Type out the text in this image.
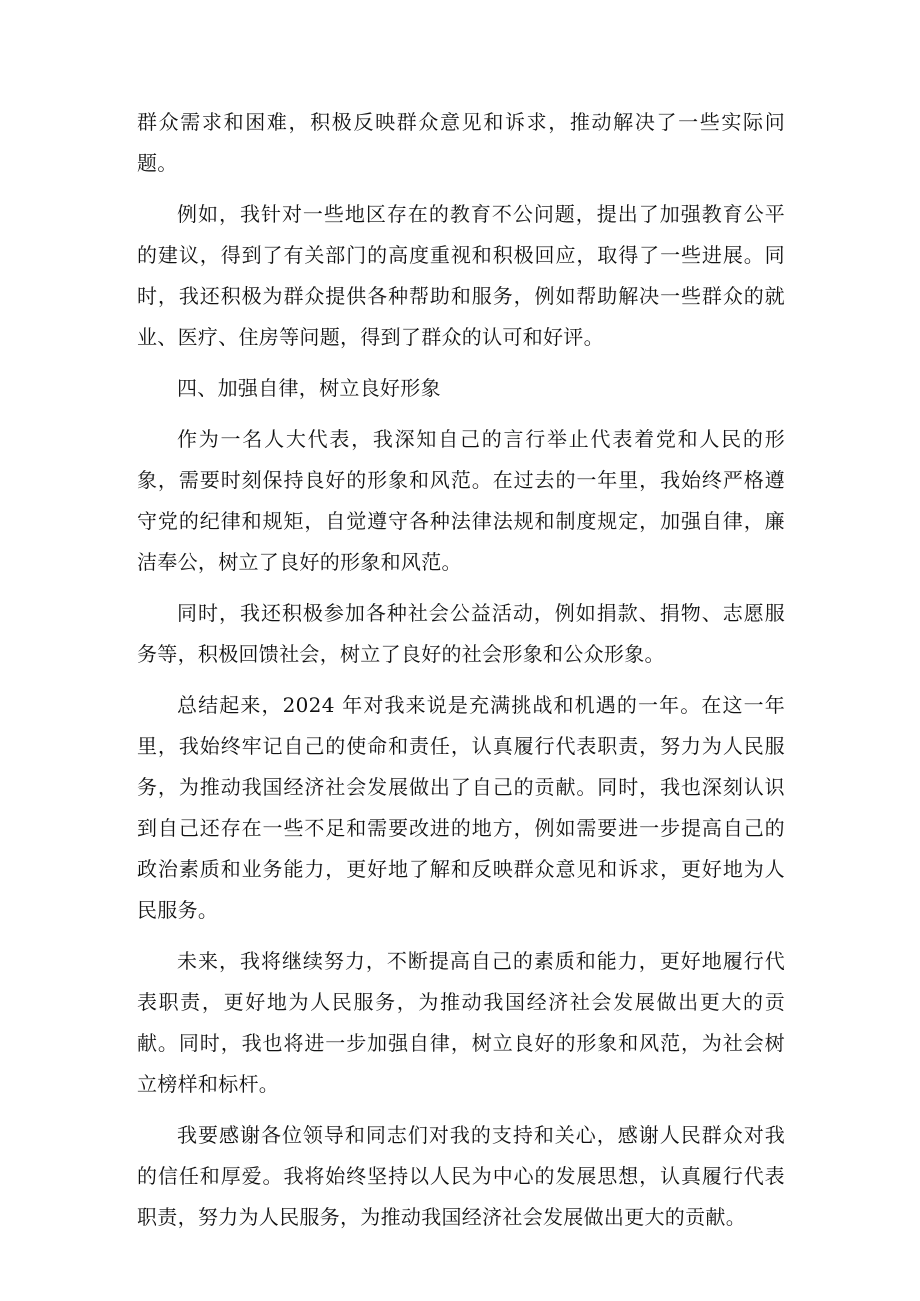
群众需求和困难，积极反映群众意见和诉求，推动解决了一些实际问题。

例如，我针对一些地区存在的教育不公问题，提出了加强教育公平的建议，得到了有关部门的高度重视和积极回应，取得了一些进展。同时，我还积极为群众提供各种帮助和服务，例如帮助解决一些群众的就业、医疗、住房等问题，得到了群众的认可和好评。

四、加强自律，树立良好形象

作为一名人大代表，我深知自己的言行举止代表着党和人民的形象，需要时刻保持良好的形象和风范。在过去的一年里，我始终严格遵守党的纪律和规矩，自觉遵守各种法律法规和制度规定，加强自律，廉洁奉公，树立了良好的形象和风范。

同时，我还积极参加各种社会公益活动，例如捐款、捐物、志愿服务等，积极回馈社会，树立了良好的社会形象和公众形象。

总结起来，2024 年对我来说是充满挑战和机遇的一年。在这一年里，我始终牢记自己的使命和责任，认真履行代表职责，努力为人民服务，为推动我国经济社会发展做出了自己的贡献。同时，我也深刻认识到自己还存在一些不足和需要改进的地方，例如需要进一步提高自己的政治素质和业务能力，更好地了解和反映群众意见和诉求，更好地为人民服务。

未来，我将继续努力，不断提高自己的素质和能力，更好地履行代表职责，更好地为人民服务，为推动我国经济社会发展做出更大的贡献。同时，我也将进一步加强自律，树立良好的形象和风范，为社会树立榜样和标杆。

我要感谢各位领导和同志们对我的支持和关心，感谢人民群众对我的信任和厚爱。我将始终坚持以人民为中心的发展思想，认真履行代表职责，努力为人民服务，为推动我国经济社会发展做出更大的贡献。
